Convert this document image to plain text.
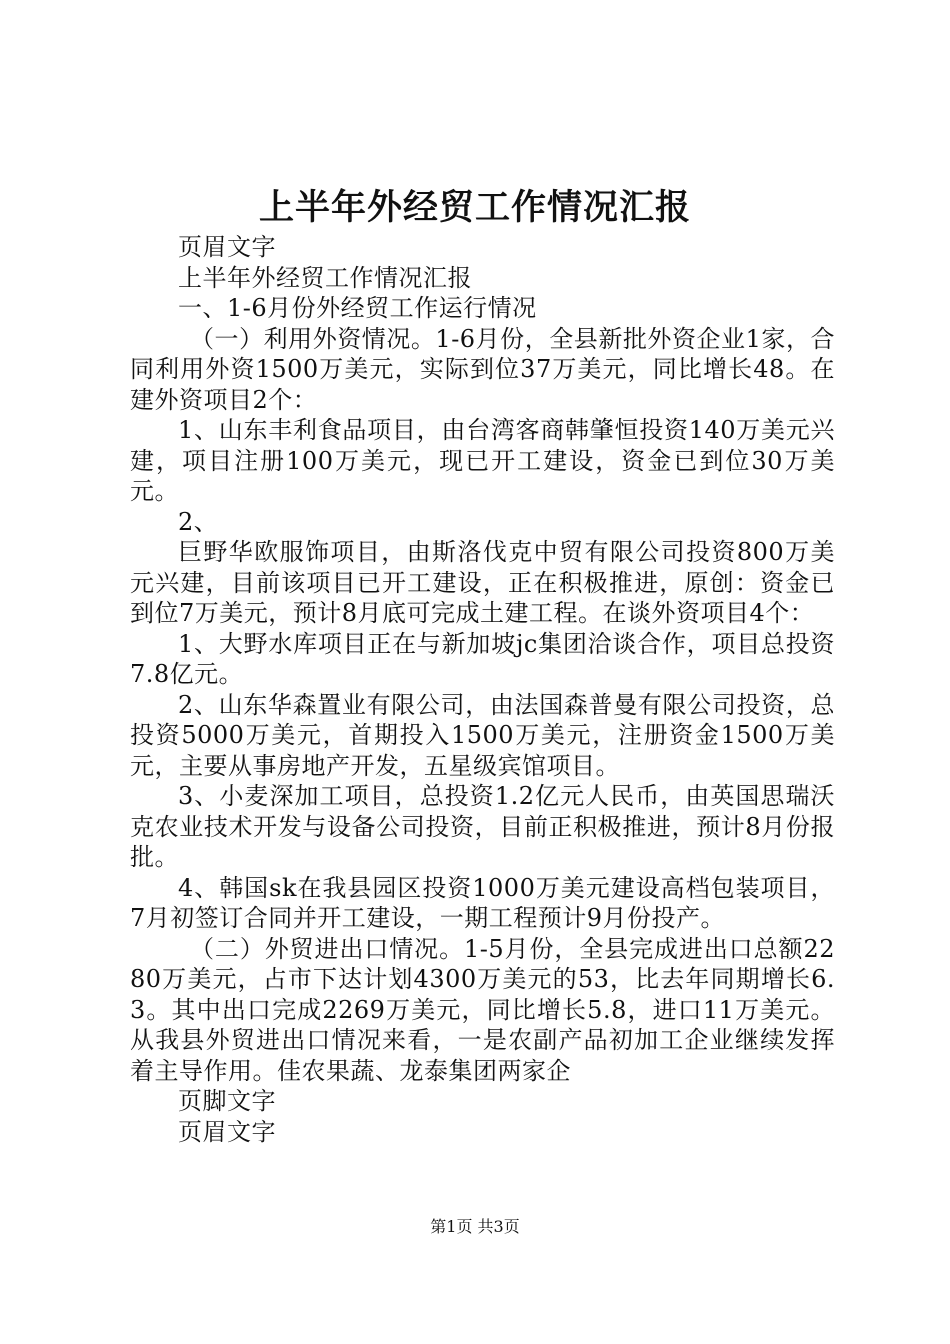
上半年外经贸工作情况汇报

页眉文字

上半年外经贸工作情况汇报

一、1-6月份外经贸工作运行情况

（一）利用外资情况。1-6月份，全县新批外资企业1家，合同利用外资1500万美元，实际到位37万美元，同比增长48。在建外资项目2个：

1、山东丰利食品项目，由台湾客商韩肇恒投资140万美元兴建，项目注册100万美元，现已开工建设，资金已到位30万美元。

2、

巨野华欧服饰项目，由斯洛伐克中贸有限公司投资800万美元兴建，目前该项目已开工建设，正在积极推进，原创：资金已到位7万美元，预计8月底可完成土建工程。在谈外资项目4个：

1、大野水库项目正在与新加坡jc集团洽谈合作，项目总投资7.8亿元。

2、山东华森置业有限公司，由法国森普曼有限公司投资，总投资5000万美元，首期投入1500万美元，注册资金1500万美元，主要从事房地产开发，五星级宾馆项目。

3、小麦深加工项目，总投资1.2亿元人民币，由英国思瑞沃克农业技术开发与设备公司投资，目前正积极推进，预计8月份报批。

4、韩国sk在我县园区投资1000万美元建设高档包装项目，7月初签订合同并开工建设，一期工程预计9月份投产。

（二）外贸进出口情况。1-5月份，全县完成进出口总额2280万美元，占市下达计划4300万美元的53，比去年同期增长6.3。其中出口完成2269万美元，同比增长5.8，进口11万美元。从我县外贸进出口情况来看，一是农副产品初加工企业继续发挥着主导作用。佳农果蔬、龙泰集团两家企

页脚文字

页眉文字

第1页 共3页
